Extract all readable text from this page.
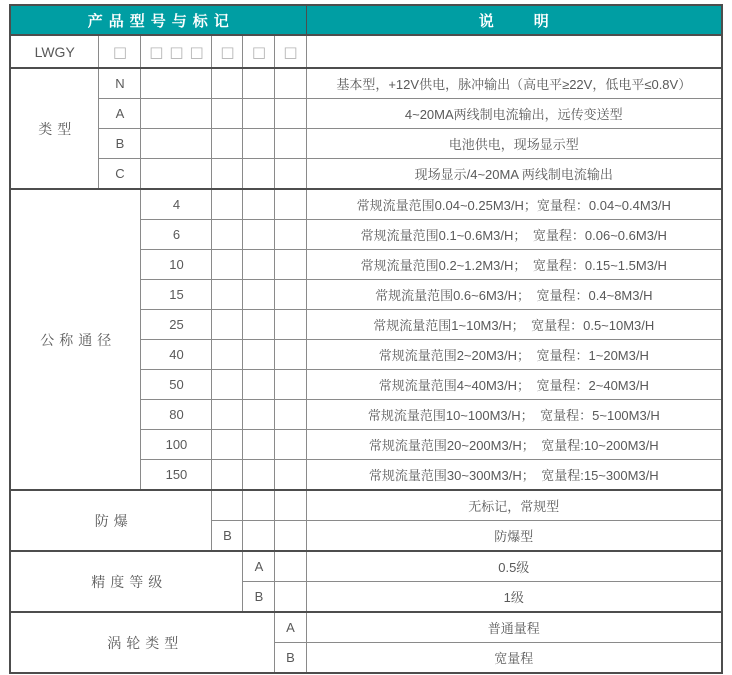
产品型号与标记						说明
LWGY	□	□□□	□	□	□	
类型	N					基本型，+12V供电，脉冲输出（高电平≥22V，低电平≤0.8V）
	A					4~20MA两线制电流输出，远传变送型
	B					电池供电，现场显示型
	C					现场显示/4~20MA 两线制电流输出
公称通径		4				常规流量范围0.04~0.25M3/H；宽量程：0.04~0.4M3/H
		6				常规流量范围0.1~0.6M3/H；　宽量程：0.06~0.6M3/H
		10				常规流量范围0.2~1.2M3/H；　宽量程：0.15~1.5M3/H
		15				常规流量范围0.6~6M3/H；　宽量程：0.4~8M3/H
		25				常规流量范围1~10M3/H；　宽量程：0.5~10M3/H
		40				常规流量范围2~20M3/H；　宽量程：1~20M3/H
		50				常规流量范围4~40M3/H；　宽量程：2~40M3/H
		80				常规流量范围10~100M3/H；　宽量程：5~100M3/H
		100				常规流量范围20~200M3/H；　宽量程:10~200M3/H
		150				常规流量范围30~300M3/H；　宽量程:15~300M3/H
防爆						无标记，常规型
			B			防爆型
精度等级				A		0.5级
				B		1级
涡轮类型					A	普通量程
					B	宽量程
